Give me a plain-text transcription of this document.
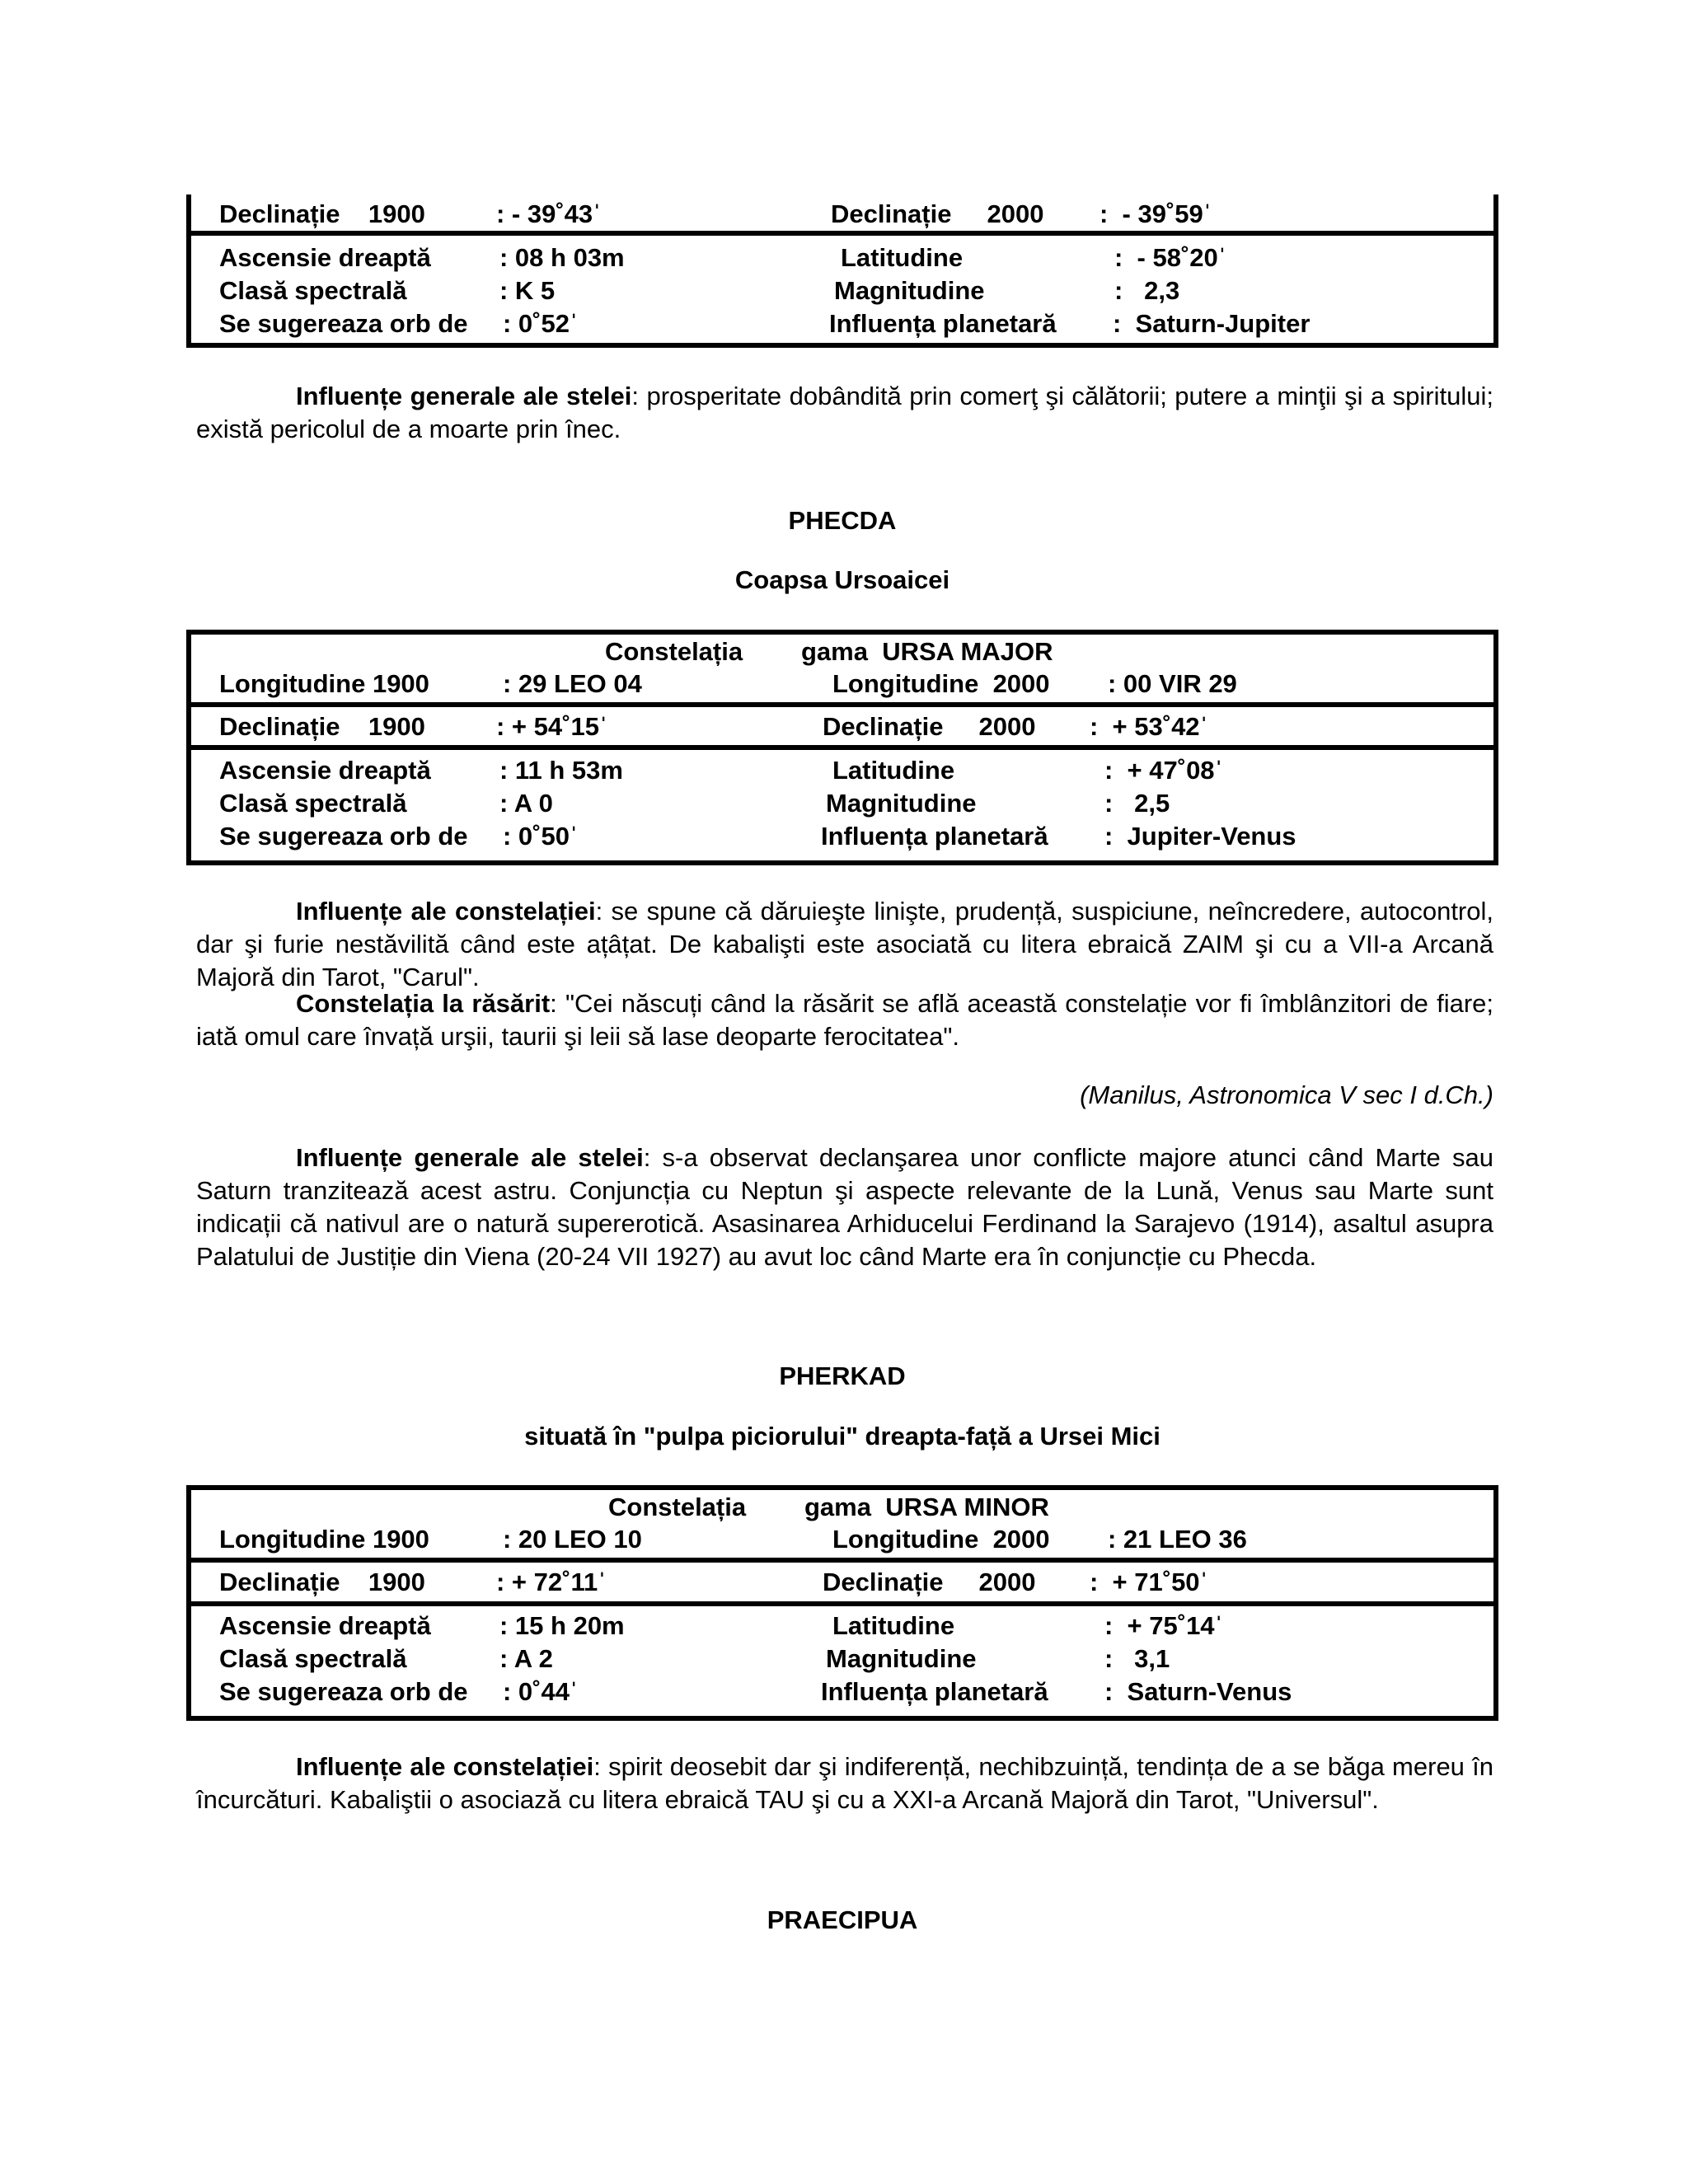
Declinație    1900	: - 39˚43ˈ	Declinație     2000 :  - 39˚59ˈ
Ascensie dreaptă	: 08 h 03m	Latitudine	:  - 58˚20ˈ
Clasă spectrală	: K 5	Magnitudine	:   2,3
Se sugereaza orb de : 0˚52ˈ	Influența planetară :  Saturn-Jupiter
Influențe generale ale stelei: prosperitate dobândită prin comerţ şi călătorii; putere a minţii şi a spiritului; există pericolul de a moarte prin înec.
PHECDA
Coapsa Ursoaicei
Constelația gama  URSA MAJOR
Longitudine 1900	: 29 LEO 04	Longitudine  2000 : 00 VIR 29
Declinație    1900	: + 54˚15ˈ	Declinație     2000 :  + 53˚42ˈ
Ascensie dreaptă	: 11 h 53m	Latitudine	:  + 47˚08ˈ
Clasă spectrală	: A 0	Magnitudine	:   2,5
Se sugereaza orb de : 0˚50ˈ	Influența planetară :  Jupiter-Venus
Influențe ale constelației: se spune că dăruieşte linişte, prudență, suspiciune, neîncredere, autocontrol, dar şi furie nestăvilită când este ațâțat. De kabalişti este asociată cu litera ebraică ZAIM şi cu a VII-a Arcană Majoră din Tarot, "Carul".
Constelația la răsărit: "Cei născuți când la răsărit se află această constelație vor fi îmblânzitori de fiare; iată omul care învață urşii, taurii şi leii să lase deoparte ferocitatea".
(Manilus, Astronomica V sec I d.Ch.)
Influențe generale ale stelei: s-a observat declanşarea unor conflicte majore atunci când Marte sau Saturn tranzitează acest astru. Conjuncția cu Neptun şi aspecte relevante de la Lună, Venus sau Marte sunt indicații că nativul are o natură supererotică. Asasinarea Arhiducelui Ferdinand la Sarajevo (1914), asaltul asupra Palatului de Justiție din Viena (20-24 VII 1927) au avut loc când Marte era în conjuncție cu Phecda.
PHERKAD
situată în "pulpa piciorului" dreapta-față a Ursei Mici
Constelația gama  URSA MINOR
Longitudine 1900	: 20 LEO 10	Longitudine  2000 : 21 LEO 36
Declinație    1900	: + 72˚11ˈ	Declinație     2000 :  + 71˚50ˈ
Ascensie dreaptă	: 15 h 20m	Latitudine	:  + 75˚14ˈ
Clasă spectrală	: A 2	Magnitudine	:   3,1
Se sugereaza orb de : 0˚44ˈ	Influența planetară :  Saturn-Venus
Influențe ale constelației: spirit deosebit dar şi indiferență, nechibzuință, tendința de a se băga mereu în încurcături. Kabaliştii o asociază cu litera ebraică TAU şi cu a XXI-a Arcană Majoră din Tarot, "Universul".
PRAECIPUA
